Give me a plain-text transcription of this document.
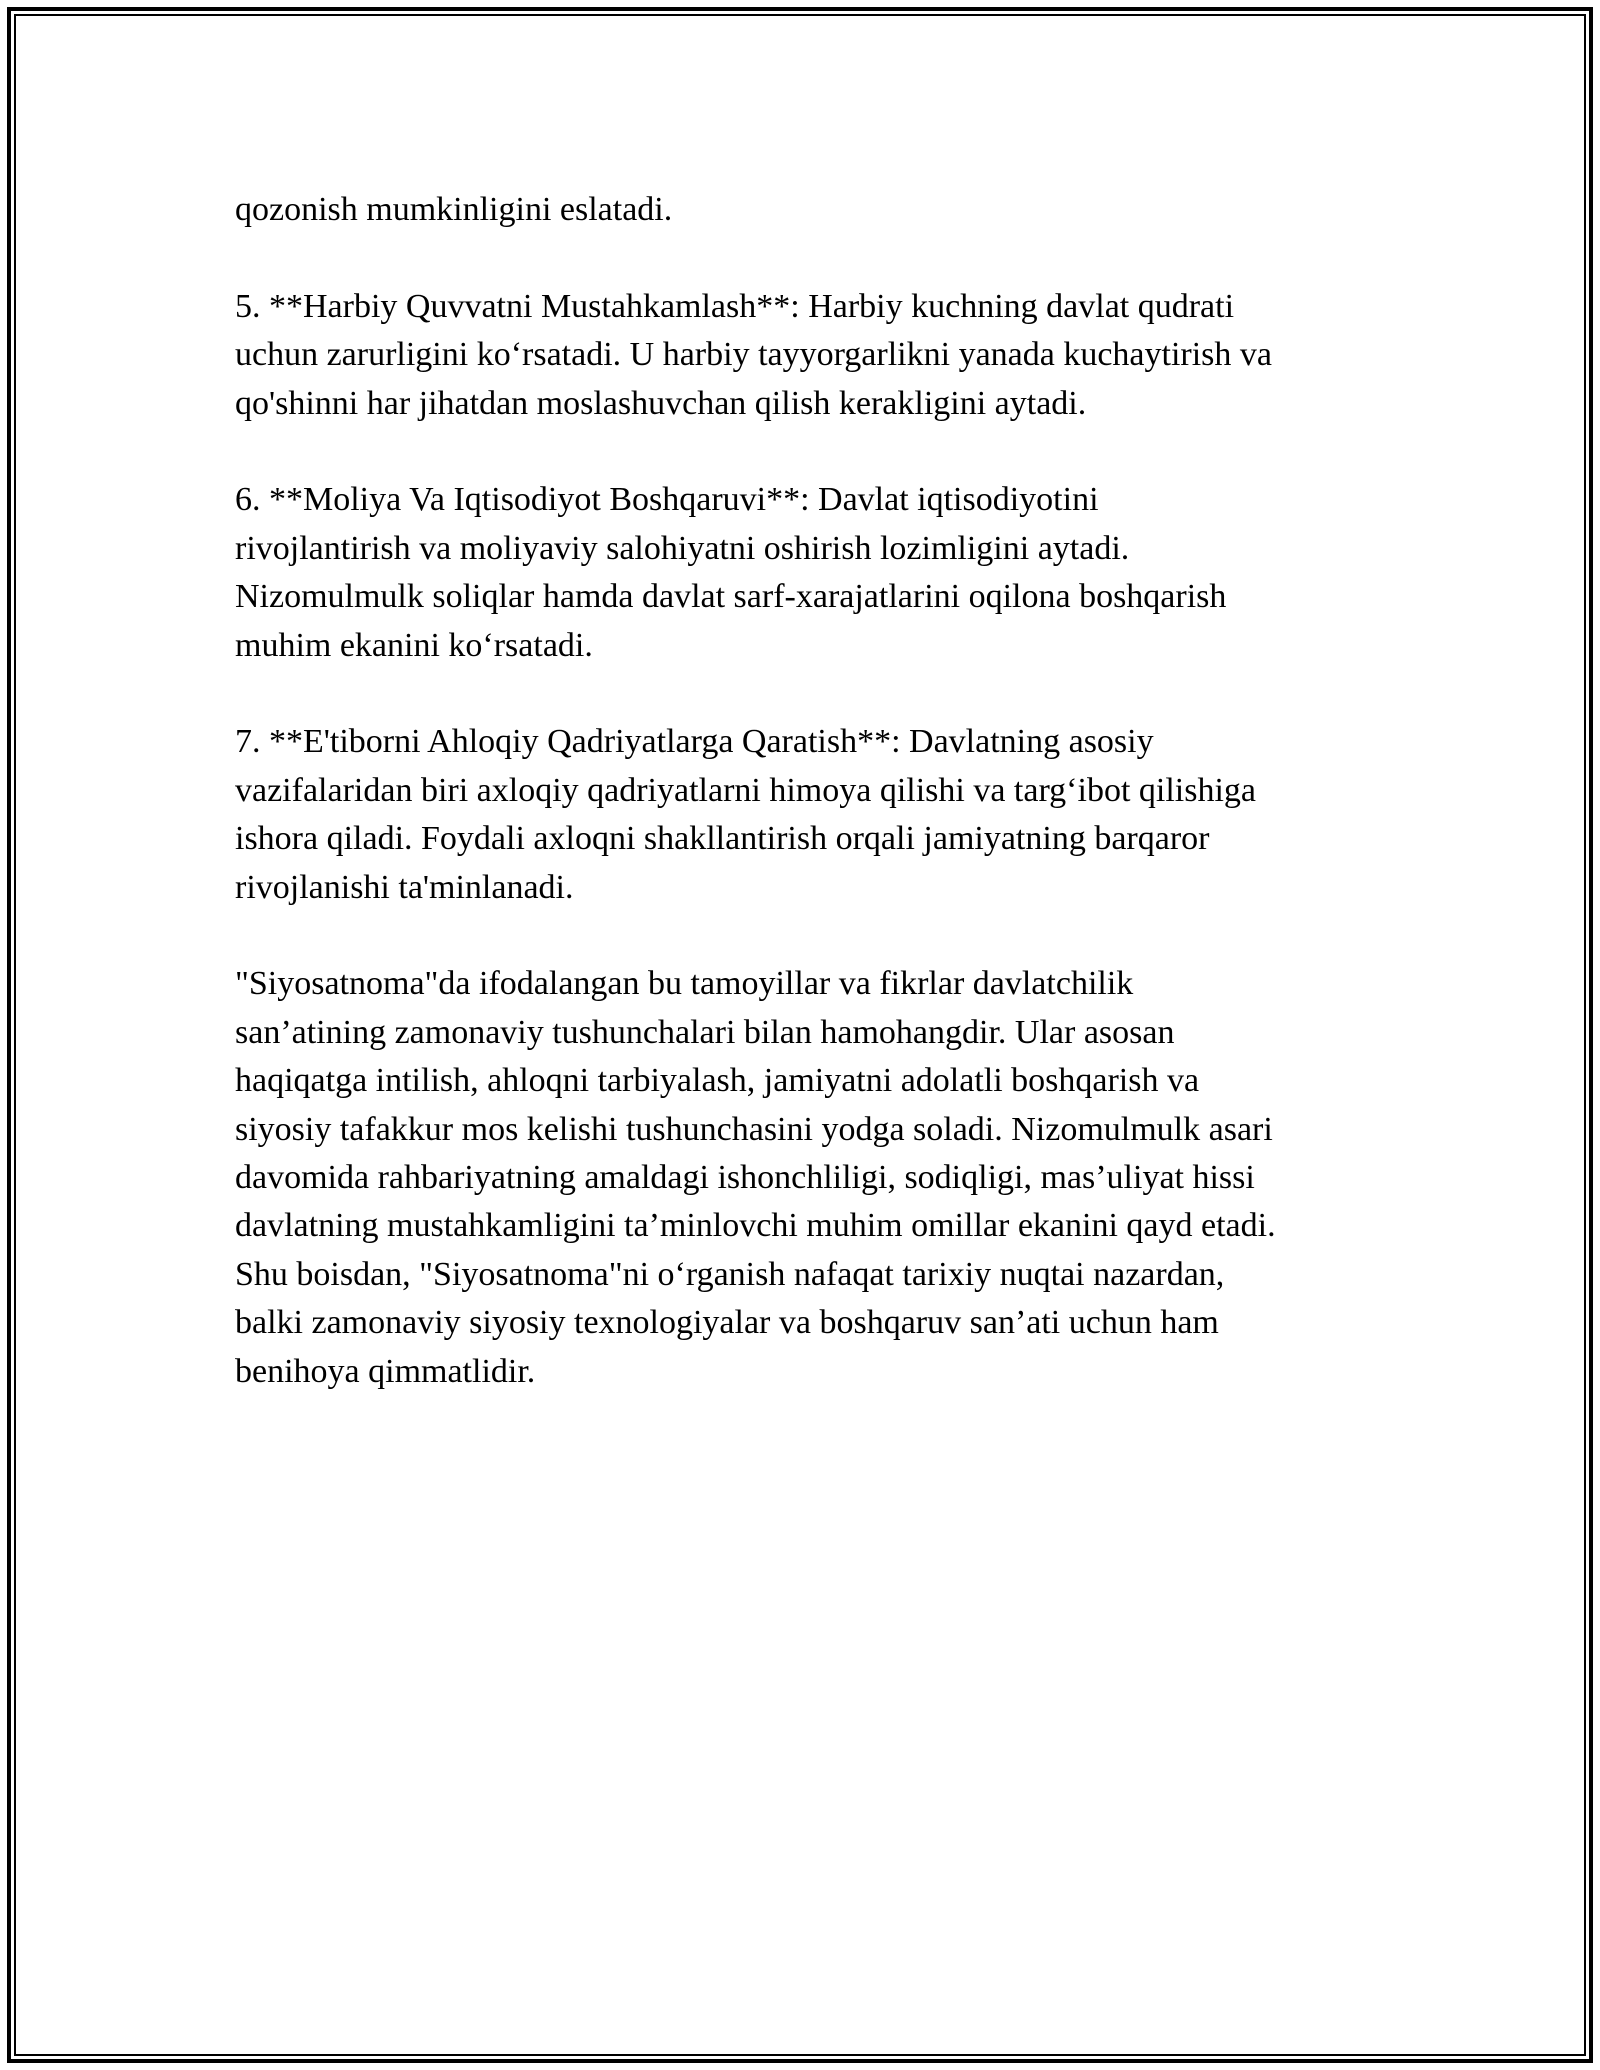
qozonish mumkinligini eslatadi.

5. **Harbiy Quvvatni Mustahkamlash**: Harbiy kuchning davlat qudrati
uchun zarurligini ko‘rsatadi. U harbiy tayyorgarlikni yanada kuchaytirish va
qo'shinni har jihatdan moslashuvchan qilish kerakligini aytadi.

6. **Moliya Va Iqtisodiyot Boshqaruvi**: Davlat iqtisodiyotini
rivojlantirish va moliyaviy salohiyatni oshirish lozimligini aytadi.
Nizomulmulk soliqlar hamda davlat sarf-xarajatlarini oqilona boshqarish
muhim ekanini ko‘rsatadi.

7. **E'tiborni Ahloqiy Qadriyatlarga Qaratish**: Davlatning asosiy
vazifalaridan biri axloqiy qadriyatlarni himoya qilishi va targ‘ibot qilishiga
ishora qiladi. Foydali axloqni shakllantirish orqali jamiyatning barqaror
rivojlanishi ta'minlanadi.

"Siyosatnoma"da ifodalangan bu tamoyillar va fikrlar davlatchilik
san’atining zamonaviy tushunchalari bilan hamohangdir. Ular asosan
haqiqatga intilish, ahloqni tarbiyalash, jamiyatni adolatli boshqarish va
siyosiy tafakkur mos kelishi tushunchasini yodga soladi. Nizomulmulk asari
davomida rahbariyatning amaldagi ishonchliligi, sodiqligi, mas’uliyat hissi
davlatning mustahkamligini ta’minlovchi muhim omillar ekanini qayd etadi.
Shu boisdan, "Siyosatnoma"ni o‘rganish nafaqat tarixiy nuqtai nazardan,
balki zamonaviy siyosiy texnologiyalar va boshqaruv san’ati uchun ham
benihoya qimmatlidir.
